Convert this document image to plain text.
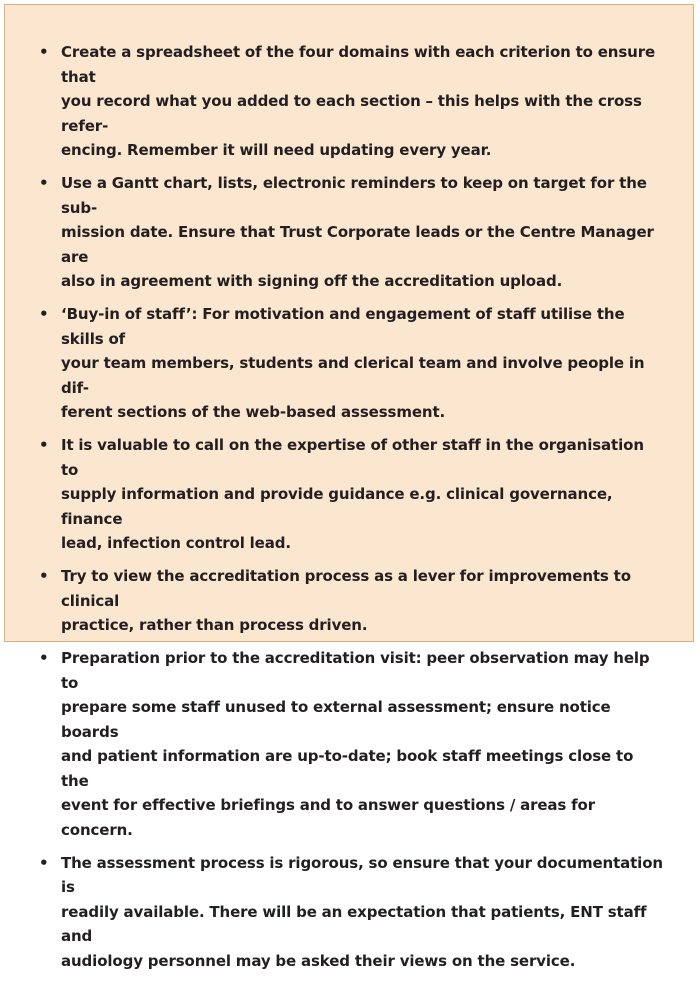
• Create a spreadsheet of the four domains with each criterion to ensure that
you record what you added to each section – this helps with the cross refer-
encing. Remember it will need updating every year.
• Use a Gantt chart, lists, electronic reminders to keep on target for the sub-
mission date. Ensure that Trust Corporate leads or the Centre Manager are
also in agreement with signing off the accreditation upload.
• ‘Buy-in of staff’: For motivation and engagement of staff utilise the skills of
your team members, students and clerical team and involve people in dif-
ferent sections of the web-based assessment.
• It is valuable to call on the expertise of other staff in the organisation to
supply information and provide guidance e.g. clinical governance, finance
lead, infection control lead.
• Try to view the accreditation process as a lever for improvements to clinical
practice, rather than process driven.
• Preparation prior to the accreditation visit: peer observation may help to
prepare some staff unused to external assessment; ensure notice boards
and patient information are up-to-date; book staff meetings close to the
event for effective briefings and to answer questions / areas for concern.
• The assessment process is rigorous, so ensure that your documentation is
readily available. There will be an expectation that patients, ENT staff and
audiology personnel may be asked their views on the service.
